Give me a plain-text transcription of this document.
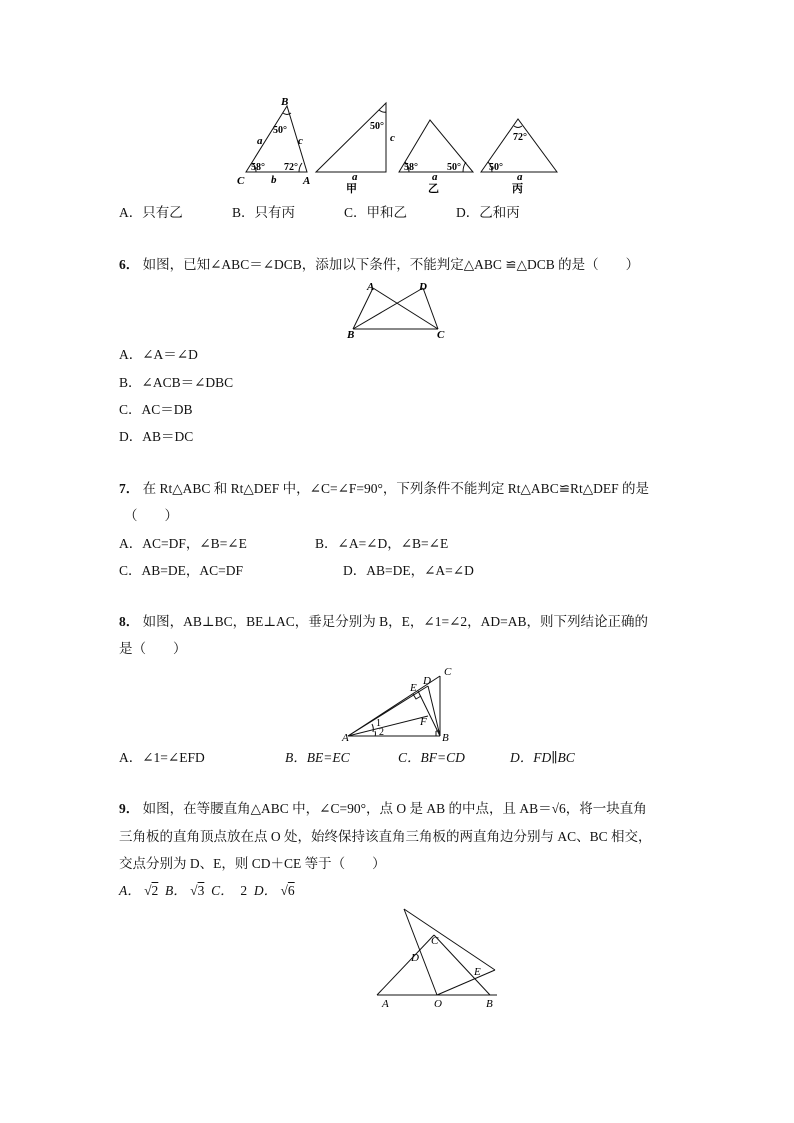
B
C	A
a
b
c
50°
58° 72°
50°
c
a
甲
58°	50°
a
乙
72°
50°
a
丙
A．只有乙	B．只有丙	C．甲和乙	D．乙和丙
6． 如图，已知∠ABC＝∠DCB，添加以下条件，不能判定△ABC ≌△DCB 的是（　　）
A	D
B	C
A．∠A＝∠D
B．∠ACB＝∠DBC
C．AC＝DB
D．AB＝DC
7． 在 Rt△ABC 和 Rt△DEF 中，∠C=∠F=90°，下列条件不能判定 Rt△ABC≌Rt△DEF 的是
（　　）
A．AC=DF，∠B=∠E	B．∠A=∠D，∠B=∠E
C．AB=DE，AC=DF	D．AB=DE，∠A=∠D
8． 如图，AB⊥BC，BE⊥AC，垂足分别为 B，E，∠1=∠2，AD=AB，则下列结论正确的
是（　　）
A	B
C
D
E
F
1
2
A．∠1=∠EFD	B．BE=EC	C．BF=CD	D．FD∥BC
9． 如图，在等腰直角△ABC 中，∠C=90°，点 O 是 AB 的中点，且 AB＝√6，将一块直角
三角板的直角顶点放在点 O 处，始终保持该直角三角板的两直角边分别与 AC、BC 相交，
交点分别为 D、E，则 CD＋CE 等于（　　）
A． √2 B． √3 C． 2 D． √6
A	O	B
C
D
E
